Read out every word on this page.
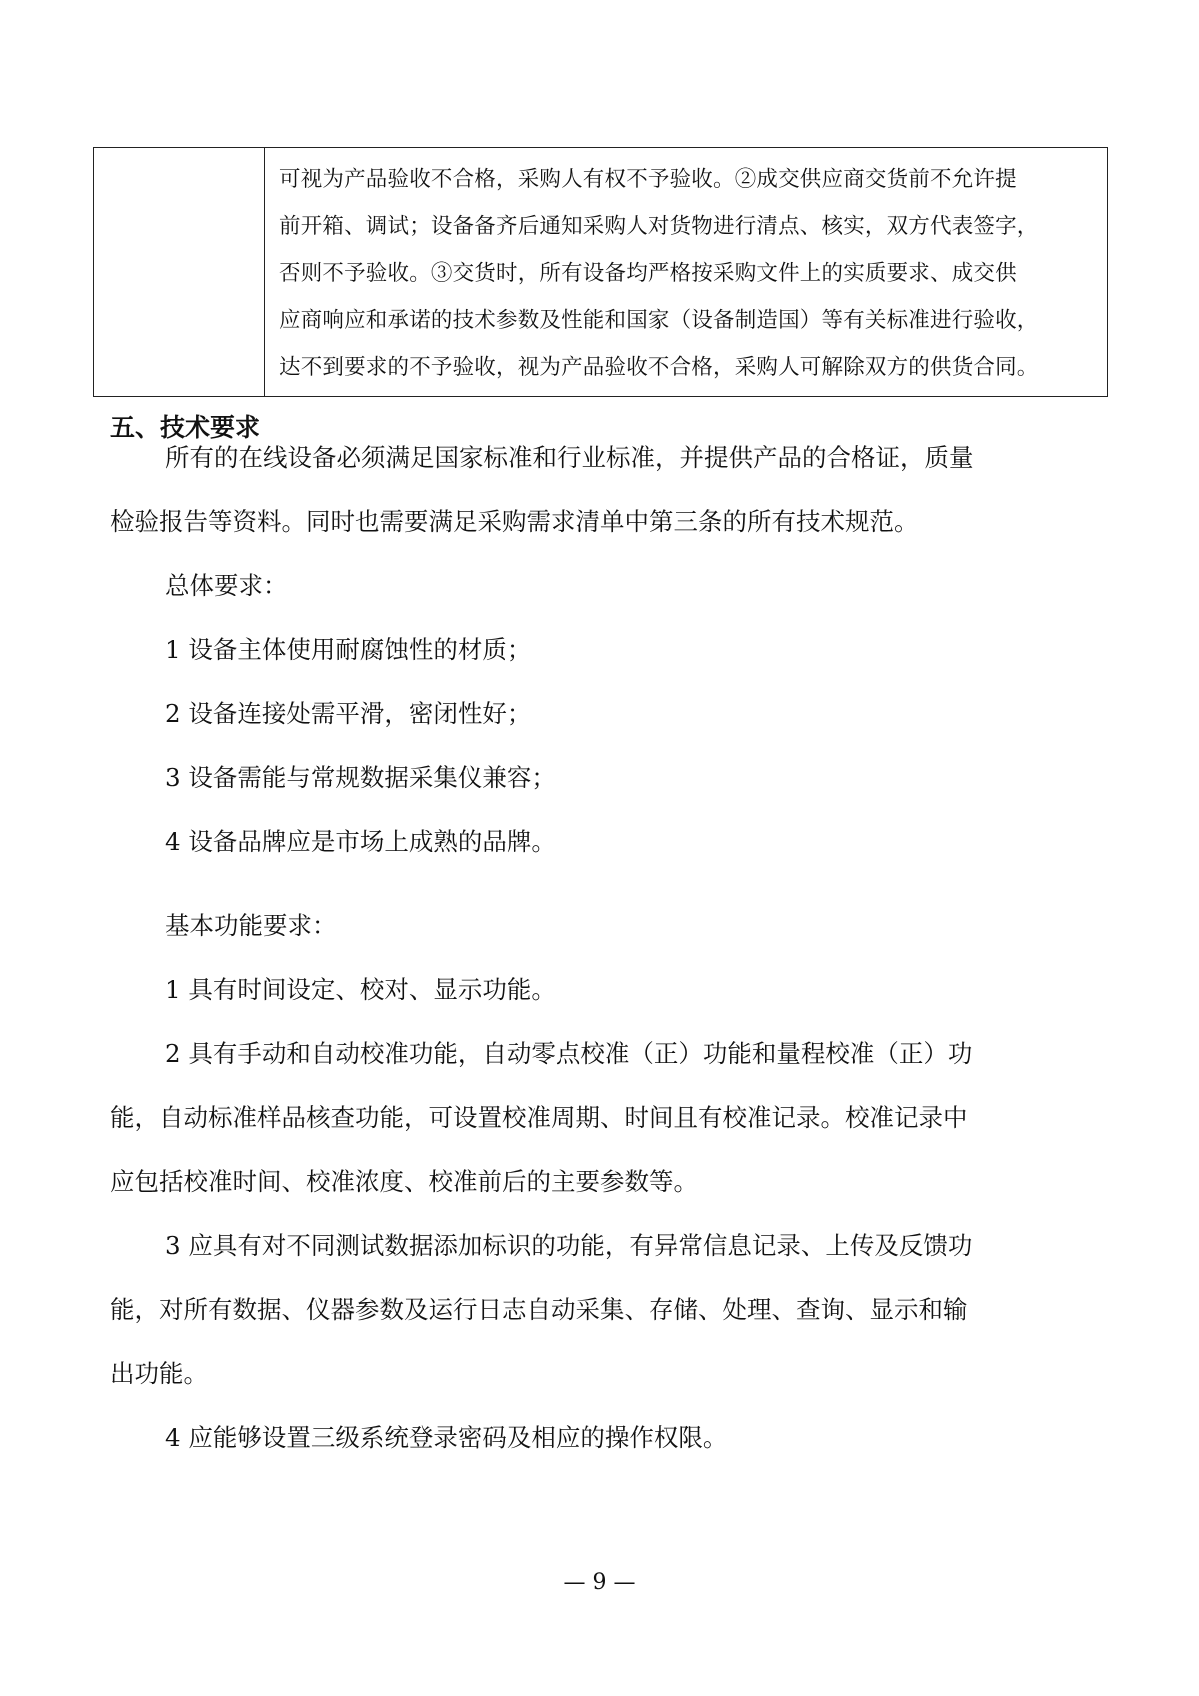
可视为产品验收不合格，采购人有权不予验收。②成交供应商交货前不允许提
前开箱、调试；设备备齐后通知采购人对货物进行清点、核实，双方代表签字，
否则不予验收。③交货时，所有设备均严格按采购文件上的实质要求、成交供
应商响应和承诺的技术参数及性能和国家（设备制造国）等有关标准进行验收，
达不到要求的不予验收，视为产品验收不合格，采购人可解除双方的供货合同。
五、技术要求
所有的在线设备必须满足国家标准和行业标准，并提供产品的合格证，质量
检验报告等资料。同时也需要满足采购需求清单中第三条的所有技术规范。
总体要求：
1 设备主体使用耐腐蚀性的材质；
2 设备连接处需平滑，密闭性好；
3 设备需能与常规数据采集仪兼容；
4 设备品牌应是市场上成熟的品牌。
基本功能要求：
1 具有时间设定、校对、显示功能。
2 具有手动和自动校准功能，自动零点校准（正）功能和量程校准（正）功
能，自动标准样品核查功能，可设置校准周期、时间且有校准记录。校准记录中
应包括校准时间、校准浓度、校准前后的主要参数等。
3 应具有对不同测试数据添加标识的功能，有异常信息记录、上传及反馈功
能，对所有数据、仪器参数及运行日志自动采集、存储、处理、查询、显示和输
出功能。
4 应能够设置三级系统登录密码及相应的操作权限。
— 9 —
